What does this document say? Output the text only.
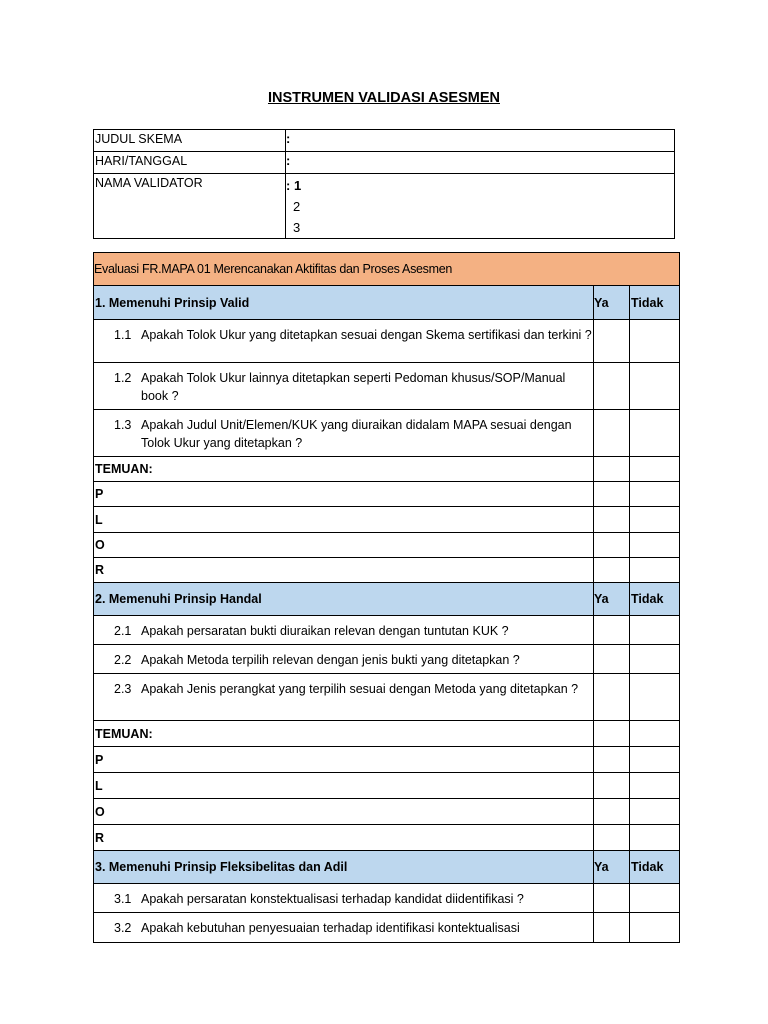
INSTRUMEN VALIDASI ASESMEN
JUDUL SKEMA	:
HARI/TANGGAL	:
NAMA VALIDATOR	: 1
2
3
Evaluasi FR.MAPA 01 Merencanakan Aktifitas dan Proses Asesmen		
1. Memenuhi Prinsip Valid	Ya	Tidak
1.1 Apakah Tolok Ukur yang ditetapkan sesuai dengan Skema sertifikasi dan terkini ?		
1.2 Apakah Tolok Ukur lainnya ditetapkan seperti Pedoman khusus/SOP/Manual book ?		
1.3 Apakah Judul Unit/Elemen/KUK yang diuraikan didalam MAPA sesuai dengan Tolok Ukur yang ditetapkan ?		
TEMUAN:		
P		
L		
O		
R		
2. Memenuhi Prinsip Handal	Ya	Tidak
2.1 Apakah persaratan bukti diuraikan relevan dengan tuntutan KUK ?		
2.2 Apakah Metoda terpilih relevan dengan jenis bukti yang ditetapkan ?		
2.3 Apakah Jenis perangkat yang terpilih sesuai dengan Metoda yang ditetapkan ?		
TEMUAN:		
P		
L		
O		
R		
3. Memenuhi Prinsip Fleksibelitas dan Adil	Ya	Tidak
3.1 Apakah persaratan konstektualisasi terhadap kandidat diidentifikasi ?		
3.2 Apakah kebutuhan penyesuaian terhadap identifikasi kontektualisasi		
